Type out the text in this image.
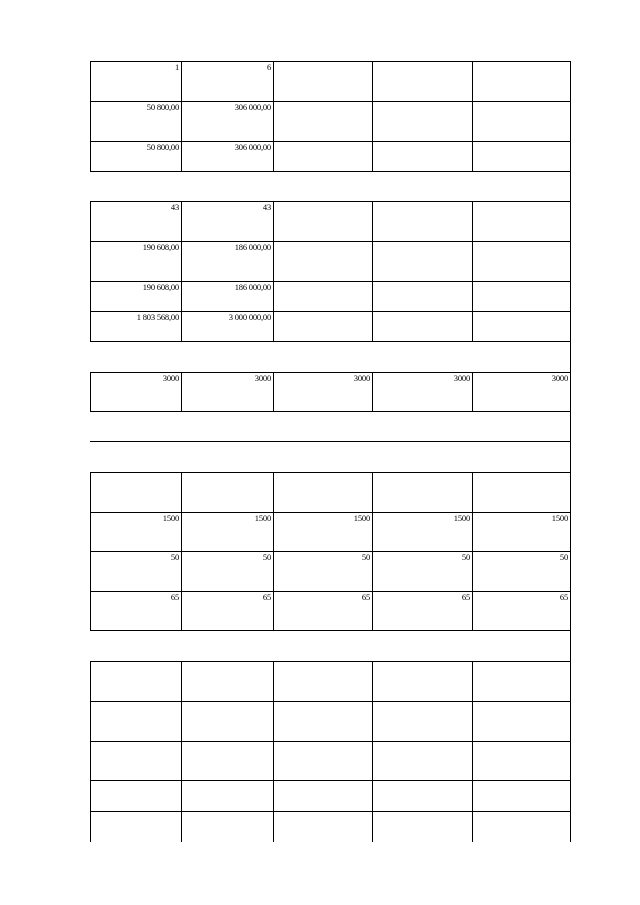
1	6
50 800,00	306 000,00
50 800,00	306 000,00
43	43
190 608,00	186 000,00
190 608,00	186 000,00
1 803 568,00	3 000 000,00
3000	3000	3000	3000	3000
1500	1500	1500	1500	1500
50	50	50	50	50
65	65	65	65	65
